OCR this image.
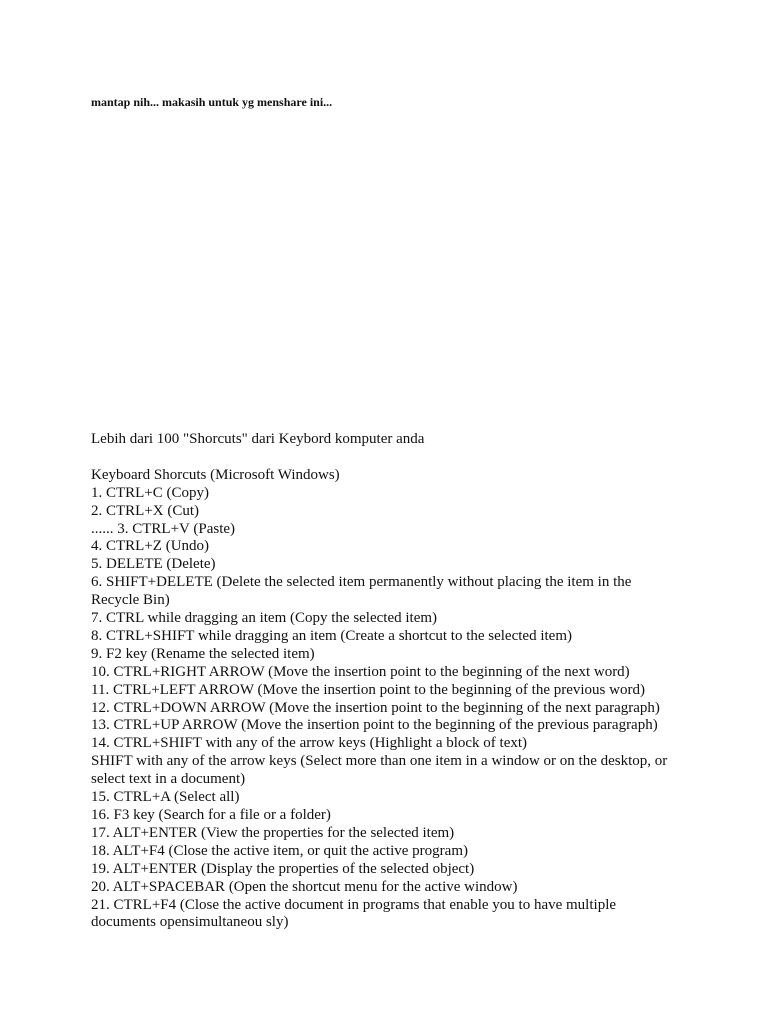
mantap nih... makasih untuk yg menshare ini...

Lebih dari 100 "Shorcuts" dari Keybord komputer anda

Keyboard Shorcuts (Microsoft Windows)

1. CTRL+C (Copy)

2. CTRL+X (Cut)

...... 3. CTRL+V (Paste)

4. CTRL+Z (Undo)

5. DELETE (Delete)

6. SHIFT+DELETE (Delete the selected item permanently without placing the item in the Recycle Bin)

7. CTRL while dragging an item (Copy the selected item)

8. CTRL+SHIFT while dragging an item (Create a shortcut to the selected item)

9. F2 key (Rename the selected item)

10. CTRL+RIGHT ARROW (Move the insertion point to the beginning of the next word)

11. CTRL+LEFT ARROW (Move the insertion point to the beginning of the previous word)

12. CTRL+DOWN ARROW (Move the insertion point to the beginning of the next paragraph)

13. CTRL+UP ARROW (Move the insertion point to the beginning of the previous paragraph)

14. CTRL+SHIFT with any of the arrow keys (Highlight a block of text)

SHIFT with any of the arrow keys (Select more than one item in a window or on the desktop, or select text in a document)

15. CTRL+A (Select all)

16. F3 key (Search for a file or a folder)

17. ALT+ENTER (View the properties for the selected item)

18. ALT+F4 (Close the active item, or quit the active program)

19. ALT+ENTER (Display the properties of the selected object)

20. ALT+SPACEBAR (Open the shortcut menu for the active window)

21. CTRL+F4 (Close the active document in programs that enable you to have multiple documents opensimultaneou sly)
